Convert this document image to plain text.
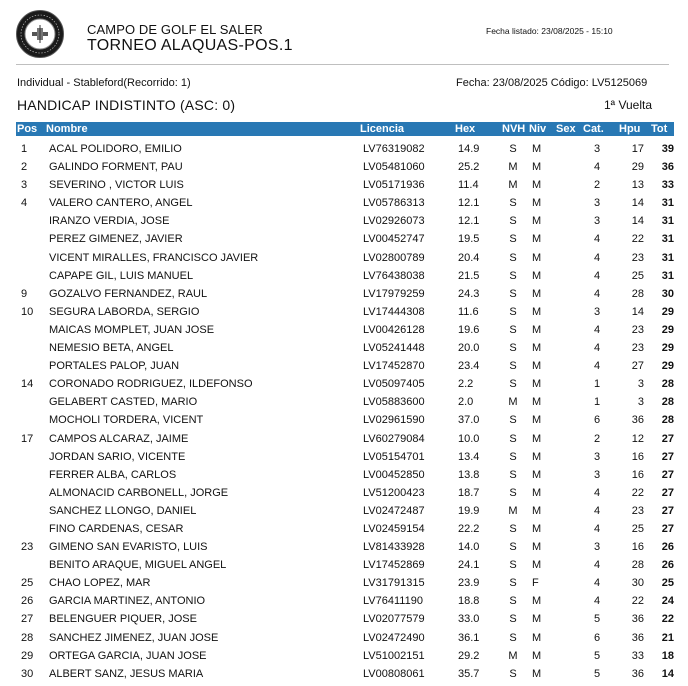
CAMPO DE GOLF EL SALER
TORNEO ALAQUAS-POS.1
Fecha listado: 23/08/2025 - 15:10
Individual - Stableford(Recorrido: 1)	Fecha: 23/08/2025 Código: LV5125069
HANDICAP INDISTINTO (ASC: 0)	1ª Vuelta
Pos Nombre	Licencia	Hex NVH Niv Sex Cat. Hpu Tot
1 ACAL POLIDORO, EMILIO	LV76319082	14.9	S	M	3	17	39
2 GALINDO FORMENT, PAU	LV05481060	25.2	M	M	4	29	36
3 SEVERINO , VICTOR LUIS	LV05171936	11.4	M	M	2	13	33
4 VALERO CANTERO, ANGEL	LV05786313	12.1	S	M	3	14	31
IRANZO VERDIA, JOSE	LV02926073	12.1	S	M	3	14	31
PEREZ GIMENEZ, JAVIER	LV00452747	19.5	S	M	4	22	31
VICENT MIRALLES, FRANCISCO JAVIER	LV02800789	20.4	S	M	4	23	31
CAPAPE GIL, LUIS MANUEL	LV76438038	21.5	S	M	4	25	31
9 GOZALVO FERNANDEZ, RAUL	LV17979259	24.3	S	M	4	28	30
10 SEGURA LABORDA, SERGIO	LV17444308	11.6	S	M	3	14	29
MAICAS MOMPLET, JUAN JOSE	LV00426128	19.6	S	M	4	23	29
NEMESIO BETA, ANGEL	LV05241448	20.0	S	M	4	23	29
PORTALES PALOP, JUAN	LV17452870	23.4	S	M	4	27	29
14 CORONADO RODRIGUEZ, ILDEFONSO	LV05097405	2.2	S	M	1	3	28
GELABERT CASTED, MARIO	LV05883600	2.0	M	M	1	3	28
MOCHOLI TORDERA, VICENT	LV02961590	37.0	S	M	6	36	28
17 CAMPOS ALCARAZ, JAIME	LV60279084	10.0	S	M	2	12	27
JORDAN SARIO, VICENTE	LV05154701	13.4	S	M	3	16	27
FERRER ALBA, CARLOS	LV00452850	13.8	S	M	3	16	27
ALMONACID CARBONELL, JORGE	LV51200423	18.7	S	M	4	22	27
SANCHEZ LLONGO, DANIEL	LV02472487	19.9	M	M	4	23	27
FINO CARDENAS, CESAR	LV02459154	22.2	S	M	4	25	27
23 GIMENO SAN EVARISTO, LUIS	LV81433928	14.0	S	M	3	16	26
BENITO ARAQUE, MIGUEL ANGEL	LV17452869	24.1	S	M	4	28	26
25 CHAO LOPEZ, MAR	LV31791315	23.9	S	F	4	30	25
26 GARCIA MARTINEZ, ANTONIO	LV76411190	18.8	S	M	4	22	24
27 BELENGUER PIQUER, JOSE	LV02077579	33.0	S	M	5	36	22
28 SANCHEZ JIMENEZ, JUAN JOSE	LV02472490	36.1	S	M	6	36	21
29 ORTEGA GARCIA, JUAN JOSE	LV51002151	29.2	M	M	5	33	18
30 ALBERT SANZ, JESUS MARIA	LV00808061	35.7	S	M	5	36	14
